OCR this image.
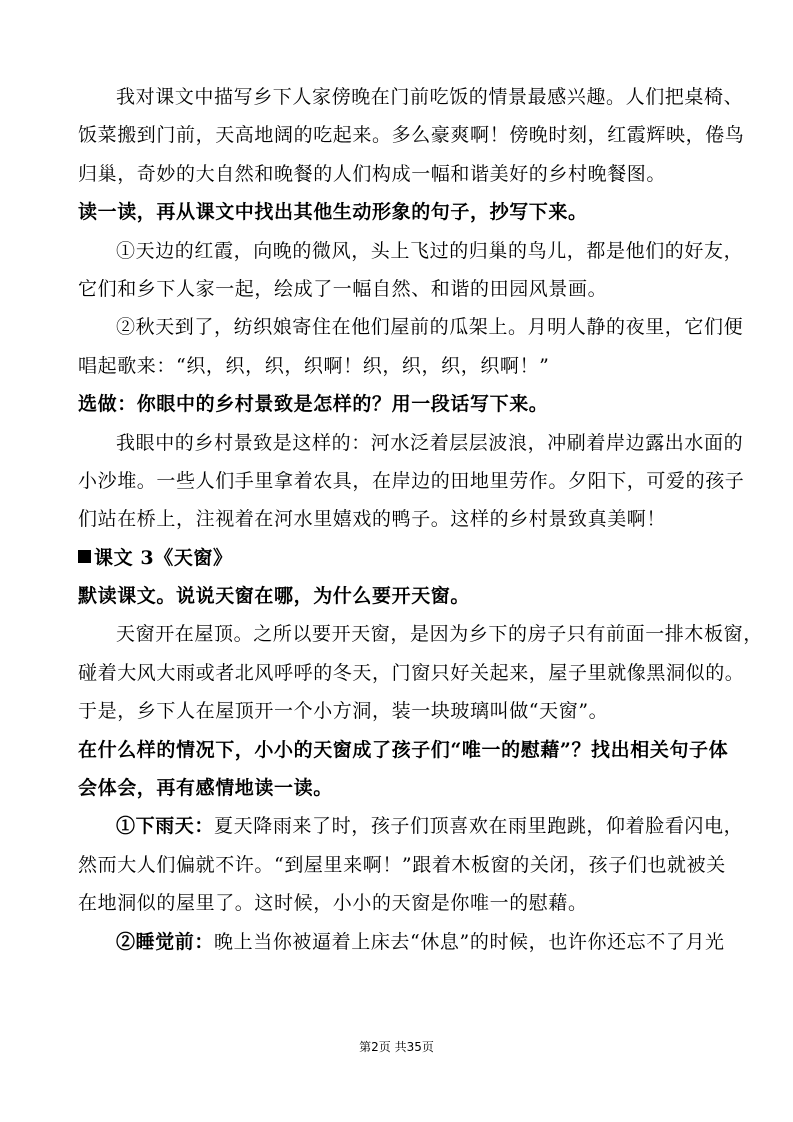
我对课文中描写乡下人家傍晚在门前吃饭的情景最感兴趣。人们把桌椅、
饭菜搬到门前，天高地阔的吃起来。多么豪爽啊！傍晚时刻，红霞辉映，倦鸟
归巢，奇妙的大自然和晚餐的人们构成一幅和谐美好的乡村晚餐图。
读一读，再从课文中找出其他生动形象的句子，抄写下来。
①天边的红霞，向晚的微风，头上飞过的归巢的鸟儿，都是他们的好友，
它们和乡下人家一起，绘成了一幅自然、和谐的田园风景画。
②秋天到了，纺织娘寄住在他们屋前的瓜架上。月明人静的夜里，它们便
唱起歌来：“织，织，织，织啊！织，织，织，织啊！”
选做：你眼中的乡村景致是怎样的？用一段话写下来。
我眼中的乡村景致是这样的：河水泛着层层波浪，冲刷着岸边露出水面的
小沙堆。一些人们手里拿着农具，在岸边的田地里劳作。夕阳下，可爱的孩子
们站在桥上，注视着在河水里嬉戏的鸭子。这样的乡村景致真美啊！
课文 3《天窗》
默读课文。说说天窗在哪，为什么要开天窗。
天窗开在屋顶。之所以要开天窗，是因为乡下的房子只有前面一排木板窗，
碰着大风大雨或者北风呼呼的冬天，门窗只好关起来，屋子里就像黑洞似的。
于是，乡下人在屋顶开一个小方洞，装一块玻璃叫做“天窗”。
在什么样的情况下，小小的天窗成了孩子们“唯一的慰藉”？找出相关句子体
会体会，再有感情地读一读。
①下雨天：夏天降雨来了时，孩子们顶喜欢在雨里跑跳，仰着脸看闪电，
然而大人们偏就不许。“到屋里来啊！”跟着木板窗的关闭，孩子们也就被关
在地洞似的屋里了。这时候，小小的天窗是你唯一的慰藉。
②睡觉前：晚上当你被逼着上床去“休息”的时候，也许你还忘不了月光
第2页 共35页
